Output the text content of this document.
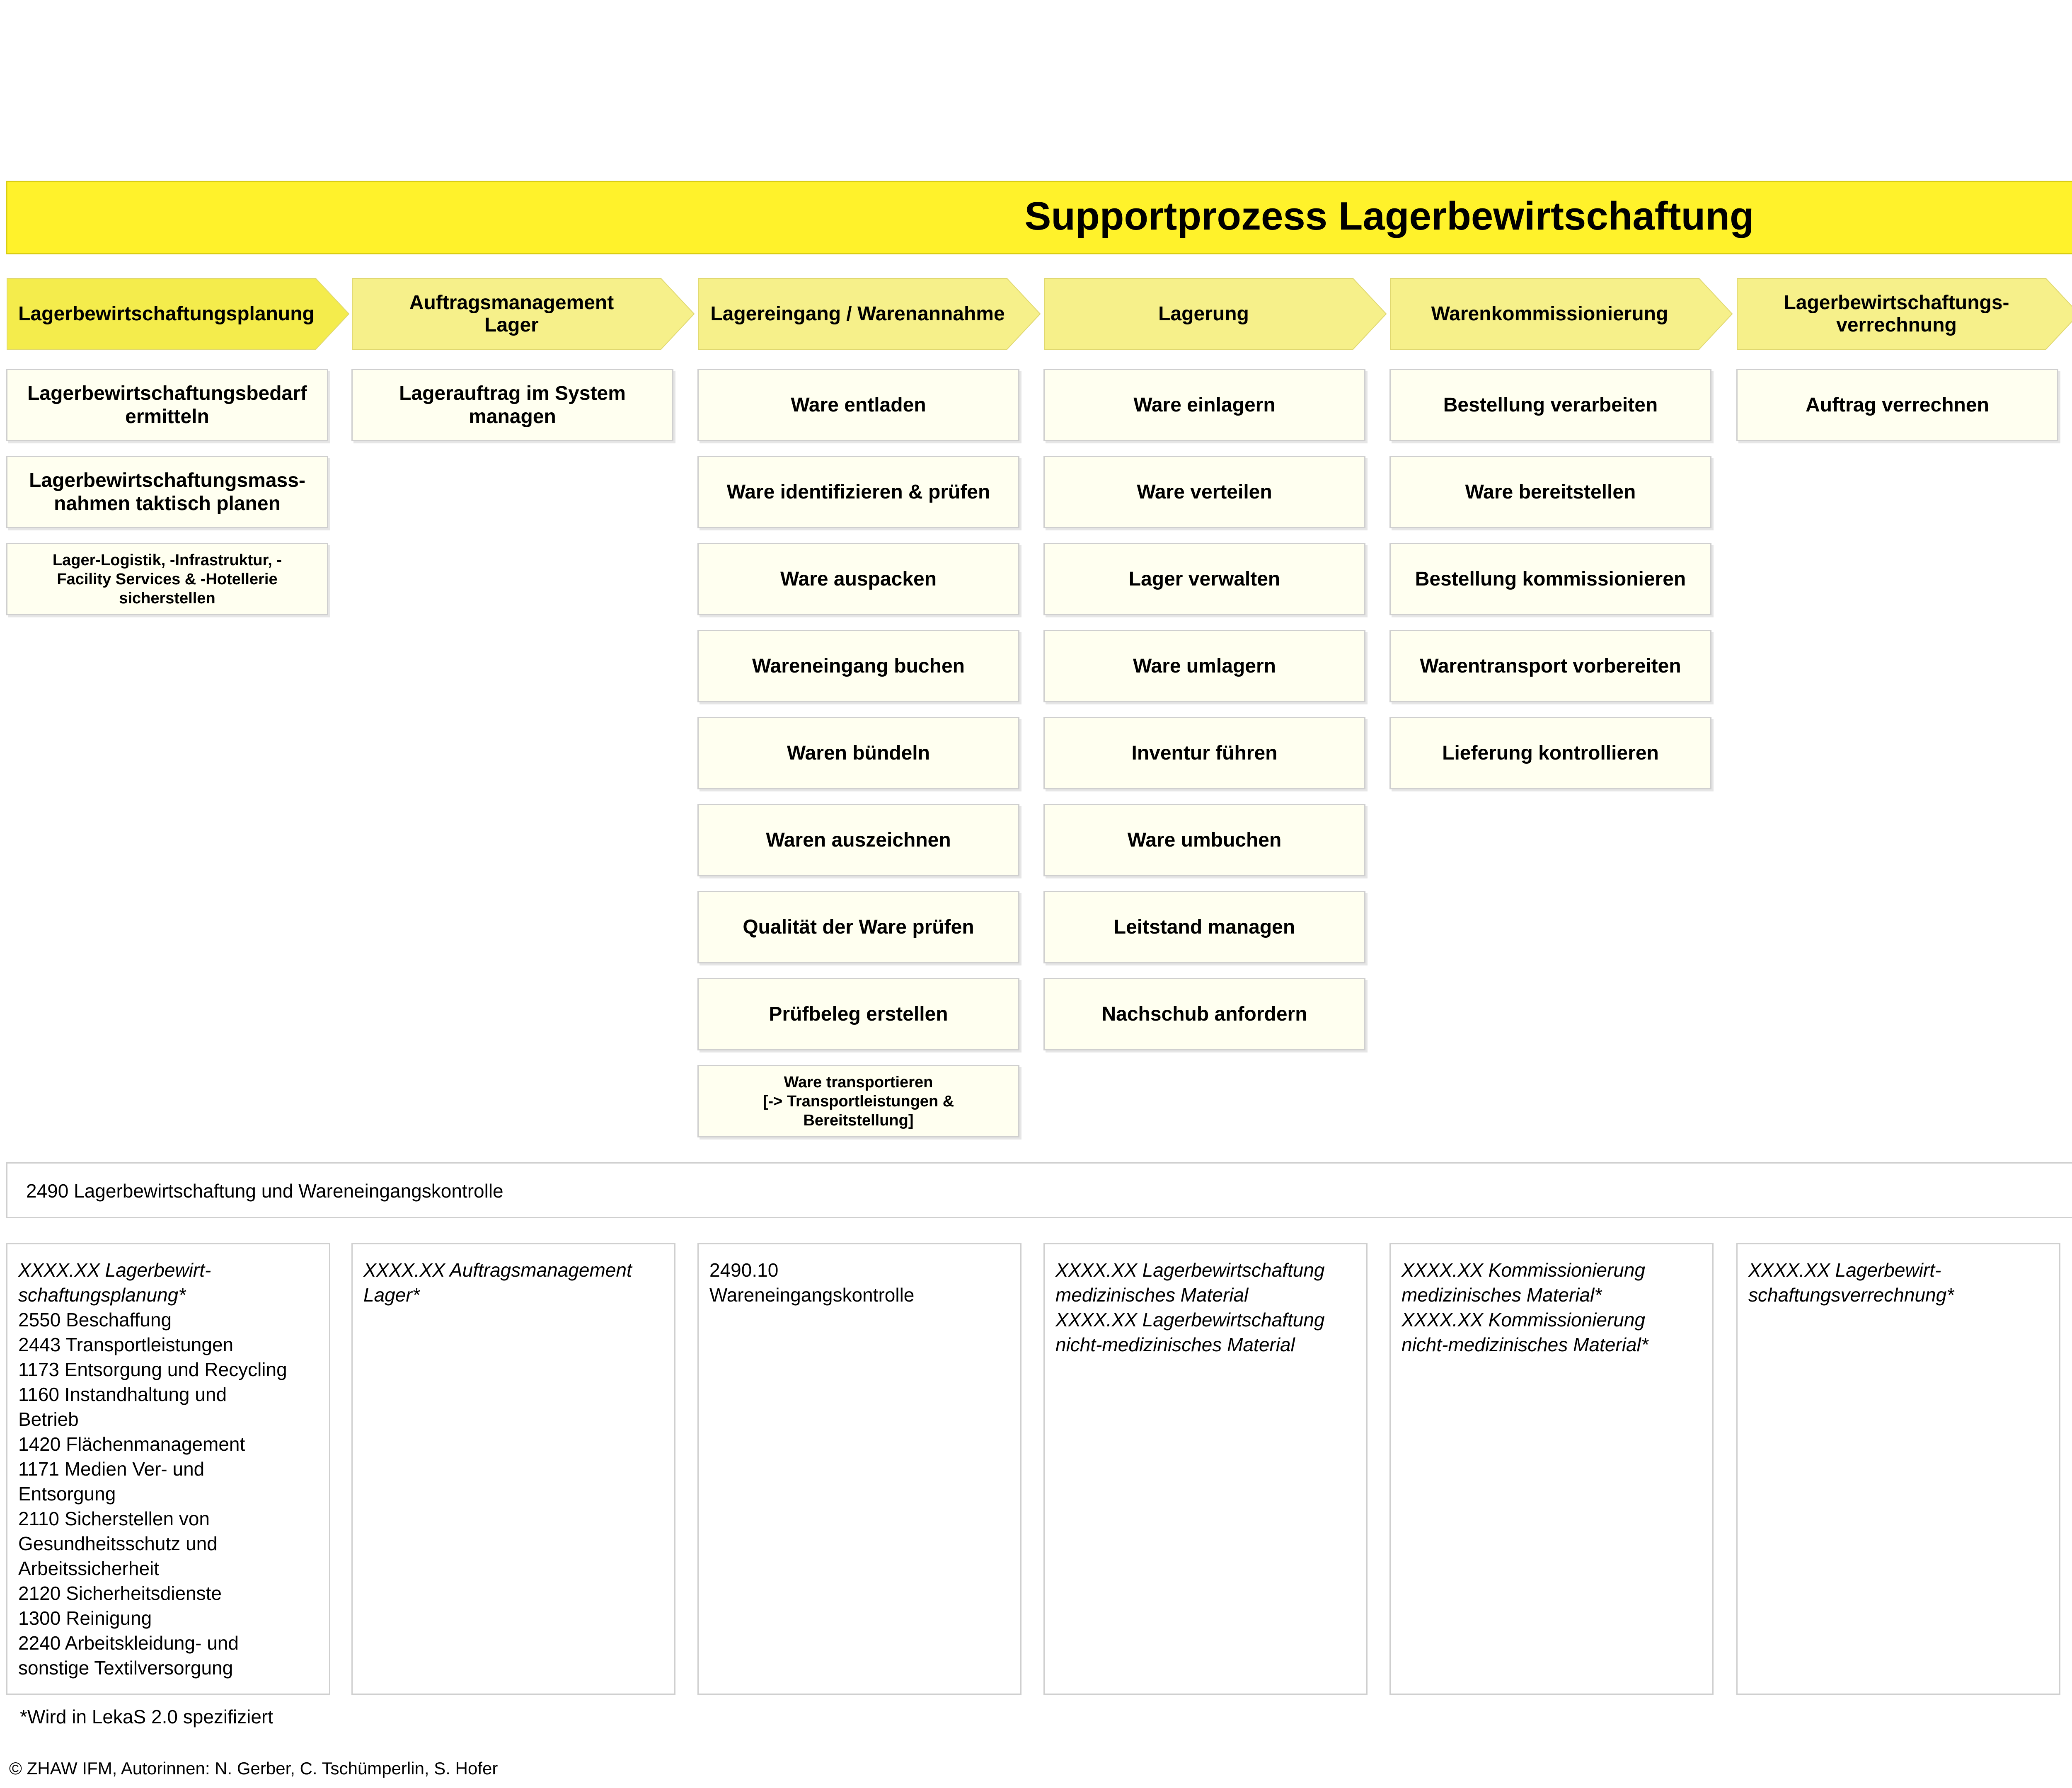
Supportprozess Lagerbewirtschaftung
Lagerbewirtschaftungsplanung
Lagerbewirtschaftungsbedarf
ermitteln
Lagerbewirtschaftungsmass-
nahmen taktisch planen
Lager-Logistik, -Infrastruktur, -
Facility Services & -Hotellerie
sicherstellen
XXXX.XX Lagerbewirt-
schaftungsplanung*
2550 Beschaffung
2443 Transportleistungen
1173 Entsorgung und Recycling
1160 Instandhaltung und
Betrieb
1420 Flächenmanagement
1171 Medien Ver- und
Entsorgung
2110 Sicherstellen von
Gesundheitsschutz und
Arbeitssicherheit
2120 Sicherheitsdienste
1300 Reinigung
2240 Arbeitskleidung- und
sonstige Textilversorgung
Auftragsmanagement
Lager
Lagerauftrag im System
managen
XXXX.XX Auftragsmanagement
Lager*
Lagereingang / Warenannahme
Ware entladen
Ware identifizieren & prüfen
Ware auspacken
Wareneingang buchen
Waren bündeln
Waren auszeichnen
Qualität der Ware prüfen
Prüfbeleg erstellen
Ware transportieren
[-> Transportleistungen &
Bereitstellung]
2490.10
Wareneingangskontrolle
Lagerung
Ware einlagern
Ware verteilen
Lager verwalten
Ware umlagern
Inventur führen
Ware umbuchen
Leitstand managen
Nachschub anfordern
XXXX.XX Lagerbewirtschaftung
medizinisches Material
XXXX.XX Lagerbewirtschaftung
nicht-medizinisches Material
Warenkommissionierung
Bestellung verarbeiten
Ware bereitstellen
Bestellung kommissionieren
Warentransport vorbereiten
Lieferung kontrollieren
XXXX.XX Kommissionierung
medizinisches Material*
XXXX.XX Kommissionierung
nicht-medizinisches Material*
Lagerbewirtschaftungs-
verrechnung
Auftrag verrechnen
XXXX.XX Lagerbewirt-
schaftungsverrechnung*
2490 Lagerbewirtschaftung und Wareneingangskontrolle
*Wird in LekaS 2.0 spezifiziert
© ZHAW IFM, Autorinnen: N. Gerber, C. Tschümperlin, S. Hofer
